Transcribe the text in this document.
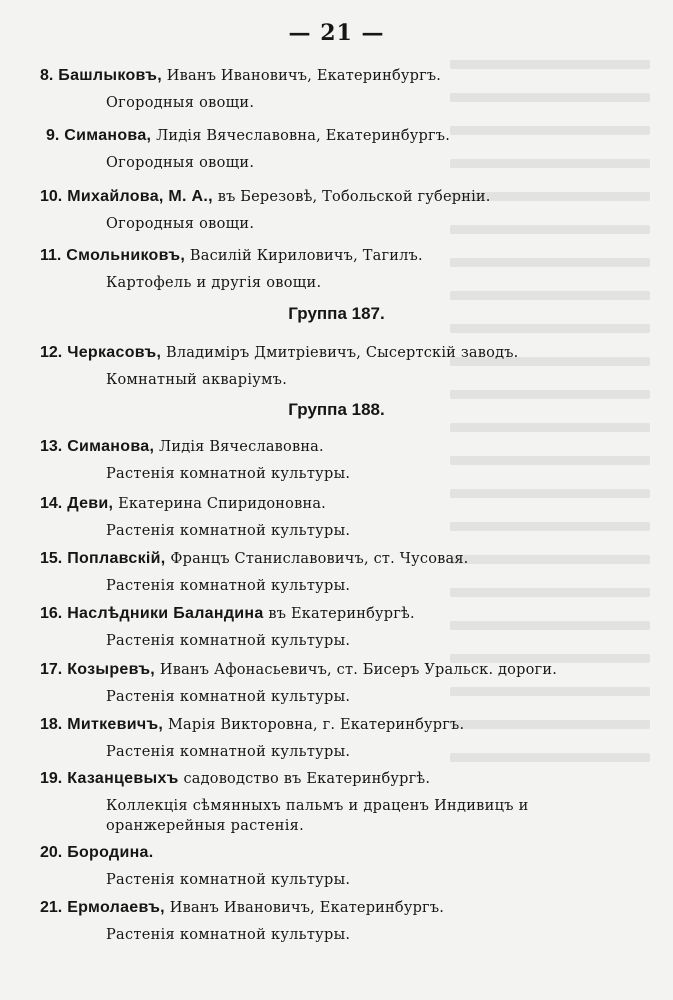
— 21 —
8. Башлыковъ, Иванъ Ивановичъ, Екатеринбургъ.
Огородныя овощи.
9. Симанова, Лидія Вячеславовна, Екатеринбургъ.
Огородныя овощи.
10. Михайлова, М. А., въ Березовѣ, Тобольской губерніи.
Огородныя овощи.
11. Смольниковъ, Василій Кириловичъ, Тагилъ.
Картофель и другія овощи.
Группа 187.
12. Черкасовъ, Владиміръ Дмитріевичъ, Сысертскій заводъ.
Комнатный акваріумъ.
Группа 188.
13. Симанова, Лидія Вячеславовна.
Растенія комнатной культуры.
14. Деви, Екатерина Спиридоновна.
Растенія комнатной культуры.
15. Поплавскій, Францъ Станиславовичъ, ст. Чусовая.
Растенія комнатной культуры.
16. Наслѣдники Баландина въ Екатеринбургѣ.
Растенія комнатной культуры.
17. Козыревъ, Иванъ Афонасьевичъ, ст. Бисеръ Уральск. дороги.
Растенія комнатной культуры.
18. Миткевичъ, Марія Викторовна, г. Екатеринбургъ.
Растенія комнатной культуры.
19. Казанцевыхъ садоводство въ Екатеринбургѣ.
Коллекція сѣмянныхъ пальмъ и драценъ Индивицъ и оранжерейныя растенія.
20. Бородина.
Растенія комнатной культуры.
21. Ермолаевъ, Иванъ Ивановичъ, Екатеринбургъ.
Растенія комнатной культуры.
